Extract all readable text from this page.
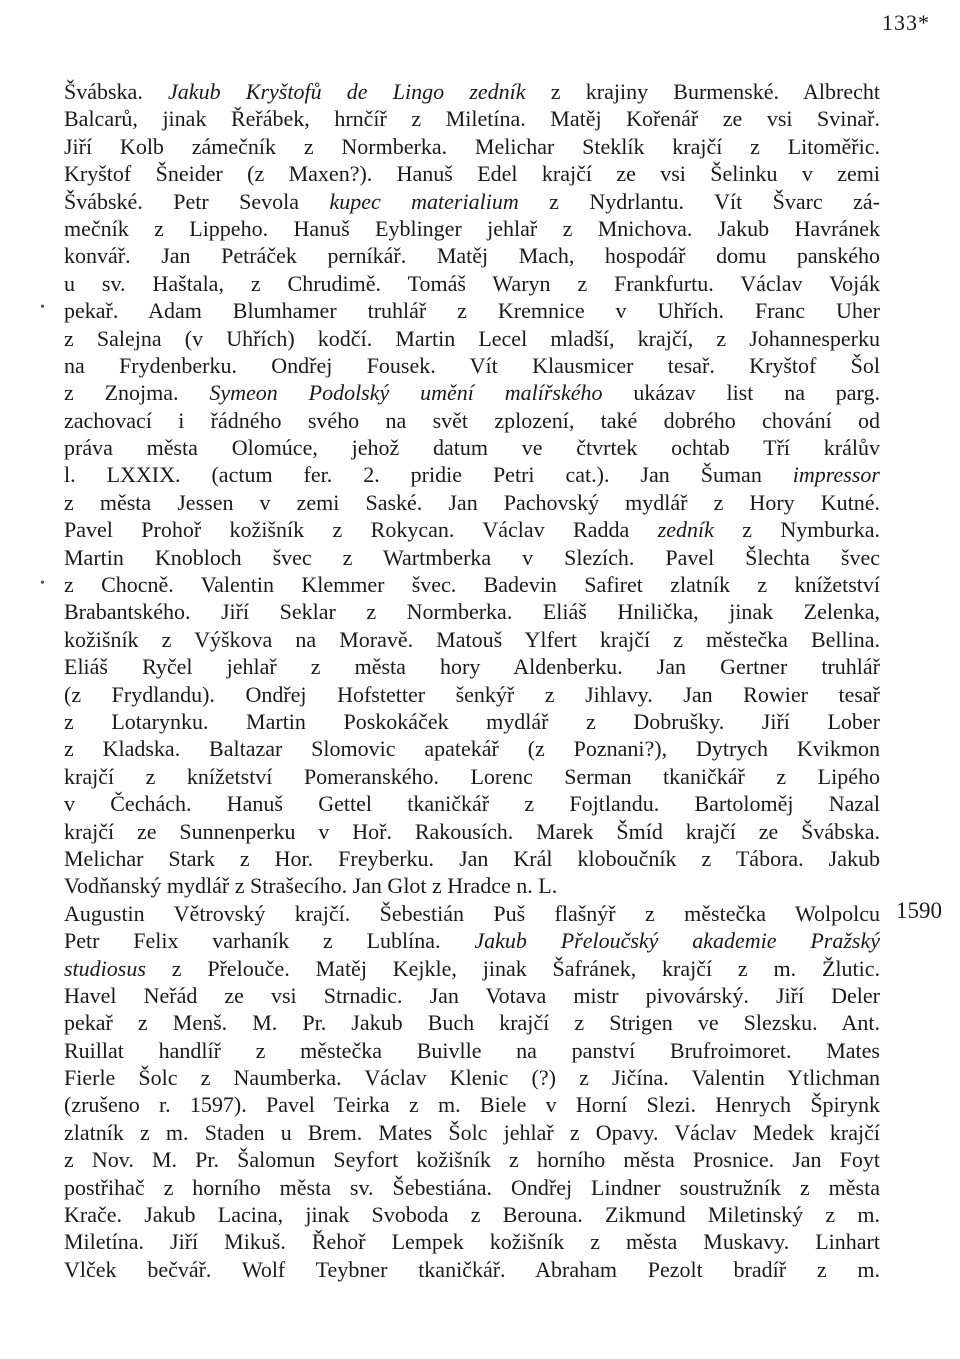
133*
•
•
1590
Švábska. Jakub Kryštofů de Lingo zedník z krajiny Burmenské. Albrecht
Balcarů, jinak Řeřábek, hrnčíř z Miletína. Matěj Kořenář ze vsi Svinař.
Jiří Kolb zámečník z Normberka. Melichar Steklík krajčí z Litoměřic.
Kryštof Šneider (z Maxen?). Hanuš Edel krajčí ze vsi Šelinku v zemi
Švábské. Petr Sevola kupec materialium z Nydrlantu. Vít Švarc zá-
mečník z Lippeho. Hanuš Eyblinger jehlař z Mnichova. Jakub Havránek
konvář. Jan Petráček perníkář. Matěj Mach, hospodář domu panského
u sv. Haštala, z Chrudimě. Tomáš Waryn z Frankfurtu. Václav Voják
pekař. Adam Blumhamer truhlář z Kremnice v Uhřích. Franc Uher
z Salejna (v Uhřích) kodčí. Martin Lecel mladší, krajčí, z Johannesperku
na Frydenberku. Ondřej Fousek. Vít Klausmicer tesař. Kryštof Šol
z Znojma. Symeon Podolský umění malířského ukázav list na parg.
zachovací i řádného svého na svět zplození, také dobrého chování od
práva města Olomúce, jehož datum ve čtvrtek ochtab Tří králův
l. LXXIX. (actum fer. 2. pridie Petri cat.). Jan Šuman impressor
z města Jessen v zemi Saské. Jan Pachovský mydlář z Hory Kutné.
Pavel Prohoř kožišník z Rokycan. Václav Radda zedník z Nymburka.
Martin Knobloch švec z Wartmberka v Slezích. Pavel Šlechta švec
z Chocně. Valentin Klemmer švec. Badevin Safiret zlatník z knížetství
Brabantského. Jiří Seklar z Normberka. Eliáš Hnilička, jinak Zelenka,
kožišník z Výškova na Moravě. Matouš Ylfert krajčí z městečka Bellina.
Eliáš Ryčel jehlař z města hory Aldenberku. Jan Gertner truhlář
(z Frydlandu). Ondřej Hofstetter šenkýř z Jihlavy. Jan Rowier tesař
z Lotarynku. Martin Poskokáček mydlář z Dobrušky. Jiří Lober
z Kladska. Baltazar Slomovic apatekář (z Poznani?), Dytrych Kvikmon
krajčí z knížetství Pomeranského. Lorenc Serman tkaničkář z Lipého
v Čechách. Hanuš Gettel tkaničkář z Fojtlandu. Bartoloměj Nazal
krajčí ze Sunnenperku v Hoř. Rakousích. Marek Šmíd krajčí ze Švábska.
Melichar Stark z Hor. Freyberku. Jan Král kloboučník z Tábora. Jakub
Vodňanský mydlář z Strašecího. Jan Glot z Hradce n. L.
Augustin Větrovský krajčí. Šebestián Puš flašnýř z městečka Wolpolcu
Petr Felix varhaník z Lublína. Jakub Přeloučský akademie Pražský
studiosus z Přelouče. Matěj Kejkle, jinak Šafránek, krajčí z m. Žlutic.
Havel Neřád ze vsi Strnadic. Jan Votava mistr pivovárský. Jiří Deler
pekař z Menš. M. Pr. Jakub Buch krajčí z Strigen ve Slezsku. Ant.
Ruillat handlíř z městečka Buivlle na panství Brufroimoret. Mates
Fierle Šolc z Naumberka. Václav Klenic (?) z Jičína. Valentin Ytlichman
(zrušeno r. 1597). Pavel Teirka z m. Biele v Horní Slezi. Henrych Špirynk
zlatník z m. Staden u Brem. Mates Šolc jehlař z Opavy. Václav Medek krajčí
z Nov. M. Pr. Šalomun Seyfort kožišník z horního města Prosnice. Jan Foyt
postřihač z horního města sv. Šebestiána. Ondřej Lindner soustružník z města
Krače. Jakub Lacina, jinak Svoboda z Berouna. Zikmund Miletinský z m.
Miletína. Jiří Mikuš. Řehoř Lempek kožišník z města Muskavy. Linhart
Vlček bečvář. Wolf Teybner tkaničkář. Abraham Pezolt bradíř z m.
